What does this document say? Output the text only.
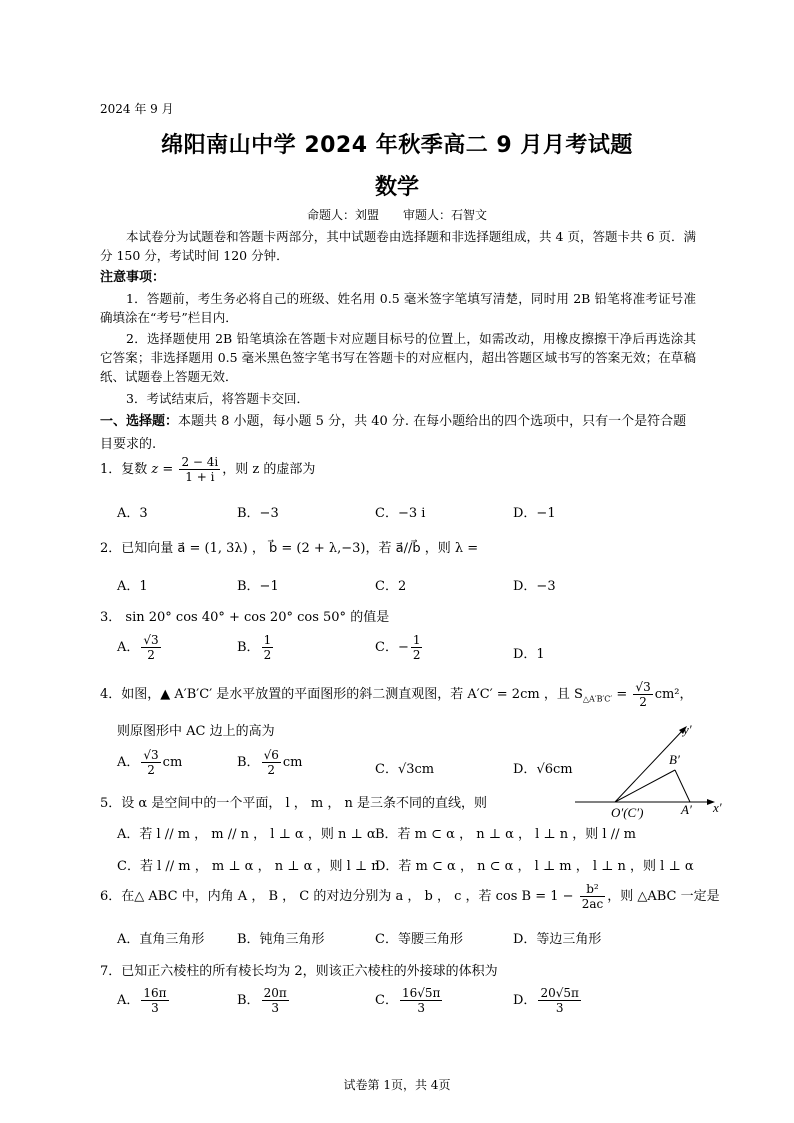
2024 年 9 月
绵阳南山中学 2024 年秋季高二 9 月月考试题
数学
命题人：刘盟　　审题人：石智文
本试卷分为试题卷和答题卡两部分，其中试题卷由选择题和非选择题组成，共 4 页，答题卡共 6 页．满分 150 分，考试时间 120 分钟．
注意事项：
1．答题前，考生务必将自己的班级、姓名用 0.5 毫米签字笔填写清楚，同时用 2B 铅笔将准考证号准确填涂在“考号”栏目内．
2．选择题使用 2B 铅笔填涂在答题卡对应题目标号的位置上，如需改动，用橡皮擦擦干净后再选涂其它答案；非选择题用 0.5 毫米黑色签字笔书写在答题卡的对应框内，超出答题区域书写的答案无效；在草稿纸、试题卷上答题无效．
3．考试结束后，将答题卡交回．
一、选择题：本题共 8 小题，每小题 5 分，共 40 分. 在每小题给出的四个选项中，只有一个是符合题目要求的.
1．复数 $z = \frac{2 - 4i}{1 + i}$ ，则 z 的虚部为
A．3	B．−3	C．−3 i	D．−1
2．已知向量 a⃗ = (1, 3λ) ， b⃗ = (2 + λ,−3)，若 a⃗//b⃗ ，则 λ =
A．1	B．−1	C．2	D．−3
3． sin 20° cos 40° + cos 20° cos 50° 的值是
A． $\frac{√3}{2}$	B． $\frac{1}{2}$	C．− $\frac{1}{2}$	D．1
4．如图，▲ A′B′C′ 是水平放置的平面图形的斜二测直观图，若 A′C′ = 2cm ，且 $S_{\triangle A'B'C'} = \frac{√3}{2} cm^2$，
则原图形中 AC 边上的高为
A． $\frac{√3}{2}$ cm	B． $\frac{√6}{2}$ cm	C．√3cm	D．√6cm
y′
x′
B′
A′
O′(C′)
5．设 α 是空间中的一个平面， l ， m ， n 是三条不同的直线，则
A．若 l // m ， m // n ， l ⊥ α ，则 n ⊥ α B．若 m ⊂ α ， n ⊥ α ， l ⊥ n ，则 l // m
C．若 l // m ， m ⊥ α ， n ⊥ α ，则 l ⊥ n
D．若 m ⊂ α ， n ⊂ α ， l ⊥ m ， l ⊥ n ，则 l ⊥ α
6．在△ ABC 中，内角 A ， B ， C 的对边分别为 a ， b ， c ，若 $\cos B = 1 - \frac{\text{b²}}{2ac}$ ，则 △ABC 一定是
A．直角三角形	B．钝角三角形	C．等腰三角形	D．等边三角形
7．已知正六棱柱的所有棱长均为 2，则该正六棱柱的外接球的体积为
A． $\frac{16\pi}{3}$	B． $\frac{20\pi}{3}$	C． $\frac{16√5\pi}{3}$	D． $\frac{20√5\pi}{3}$
试卷第 1页，共 4页
